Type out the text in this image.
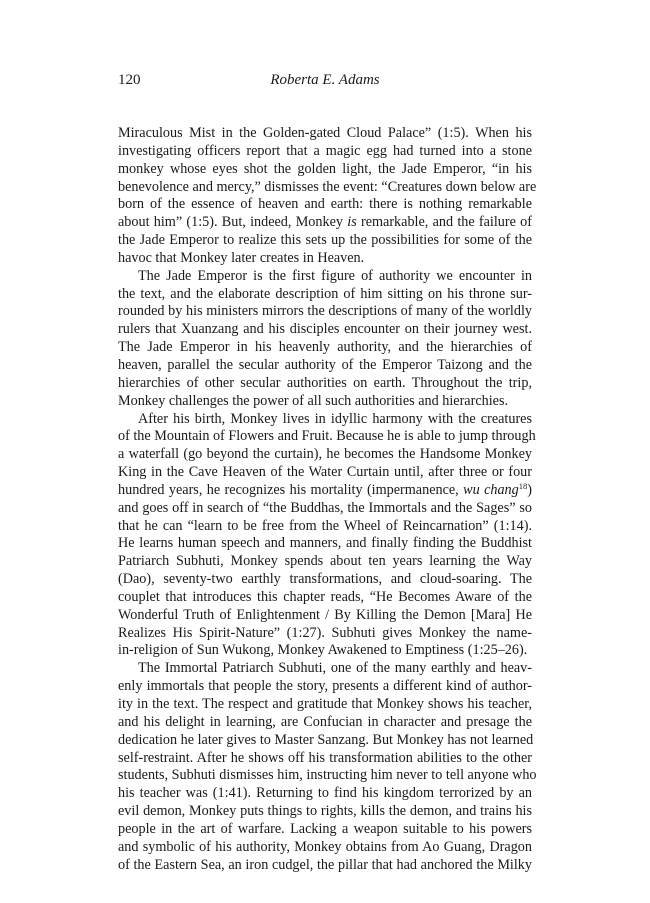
120	Roberta E. Adams
Miraculous Mist in the Golden-gated Cloud Palace” (1:5). When his
investigating officers report that a magic egg had turned into a stone
monkey whose eyes shot the golden light, the Jade Emperor, “in his
benevolence and mercy,” dismisses the event: “Creatures down below are
born of the essence of heaven and earth: there is nothing remarkable
about him” (1:5). But, indeed, Monkey is remarkable, and the failure of
the Jade Emperor to realize this sets up the possibilities for some of the
havoc that Monkey later creates in Heaven.
The Jade Emperor is the first figure of authority we encounter in
the text, and the elaborate description of him sitting on his throne sur-
rounded by his ministers mirrors the descriptions of many of the worldly
rulers that Xuanzang and his disciples encounter on their journey west.
The Jade Emperor in his heavenly authority, and the hierarchies of
heaven, parallel the secular authority of the Emperor Taizong and the
hierarchies of other secular authorities on earth. Throughout the trip,
Monkey challenges the power of all such authorities and hierarchies.
After his birth, Monkey lives in idyllic harmony with the creatures
of the Mountain of Flowers and Fruit. Because he is able to jump through
a waterfall (go beyond the curtain), he becomes the Handsome Monkey
King in the Cave Heaven of the Water Curtain until, after three or four
hundred years, he recognizes his mortality (impermanence, wu chang$^{18}$)
and goes off in search of “the Buddhas, the Immortals and the Sages” so
that he can “learn to be free from the Wheel of Reincarnation” (1:14).
He learns human speech and manners, and finally finding the Buddhist
Patriarch Subhuti, Monkey spends about ten years learning the Way
(Dao), seventy-two earthly transformations, and cloud-soaring. The
couplet that introduces this chapter reads, “He Becomes Aware of the
Wonderful Truth of Enlightenment / By Killing the Demon [Mara] He
Realizes His Spirit-Nature” (1:27). Subhuti gives Monkey the name-
in-religion of Sun Wukong, Monkey Awakened to Emptiness (1:25–26).
The Immortal Patriarch Subhuti, one of the many earthly and heav-
enly immortals that people the story, presents a different kind of author-
ity in the text. The respect and gratitude that Monkey shows his teacher,
and his delight in learning, are Confucian in character and presage the
dedication he later gives to Master Sanzang. But Monkey has not learned
self-restraint. After he shows off his transformation abilities to the other
students, Subhuti dismisses him, instructing him never to tell anyone who
his teacher was (1:41). Returning to find his kingdom terrorized by an
evil demon, Monkey puts things to rights, kills the demon, and trains his
people in the art of warfare. Lacking a weapon suitable to his powers
and symbolic of his authority, Monkey obtains from Ao Guang, Dragon
of the Eastern Sea, an iron cudgel, the pillar that had anchored the Milky
